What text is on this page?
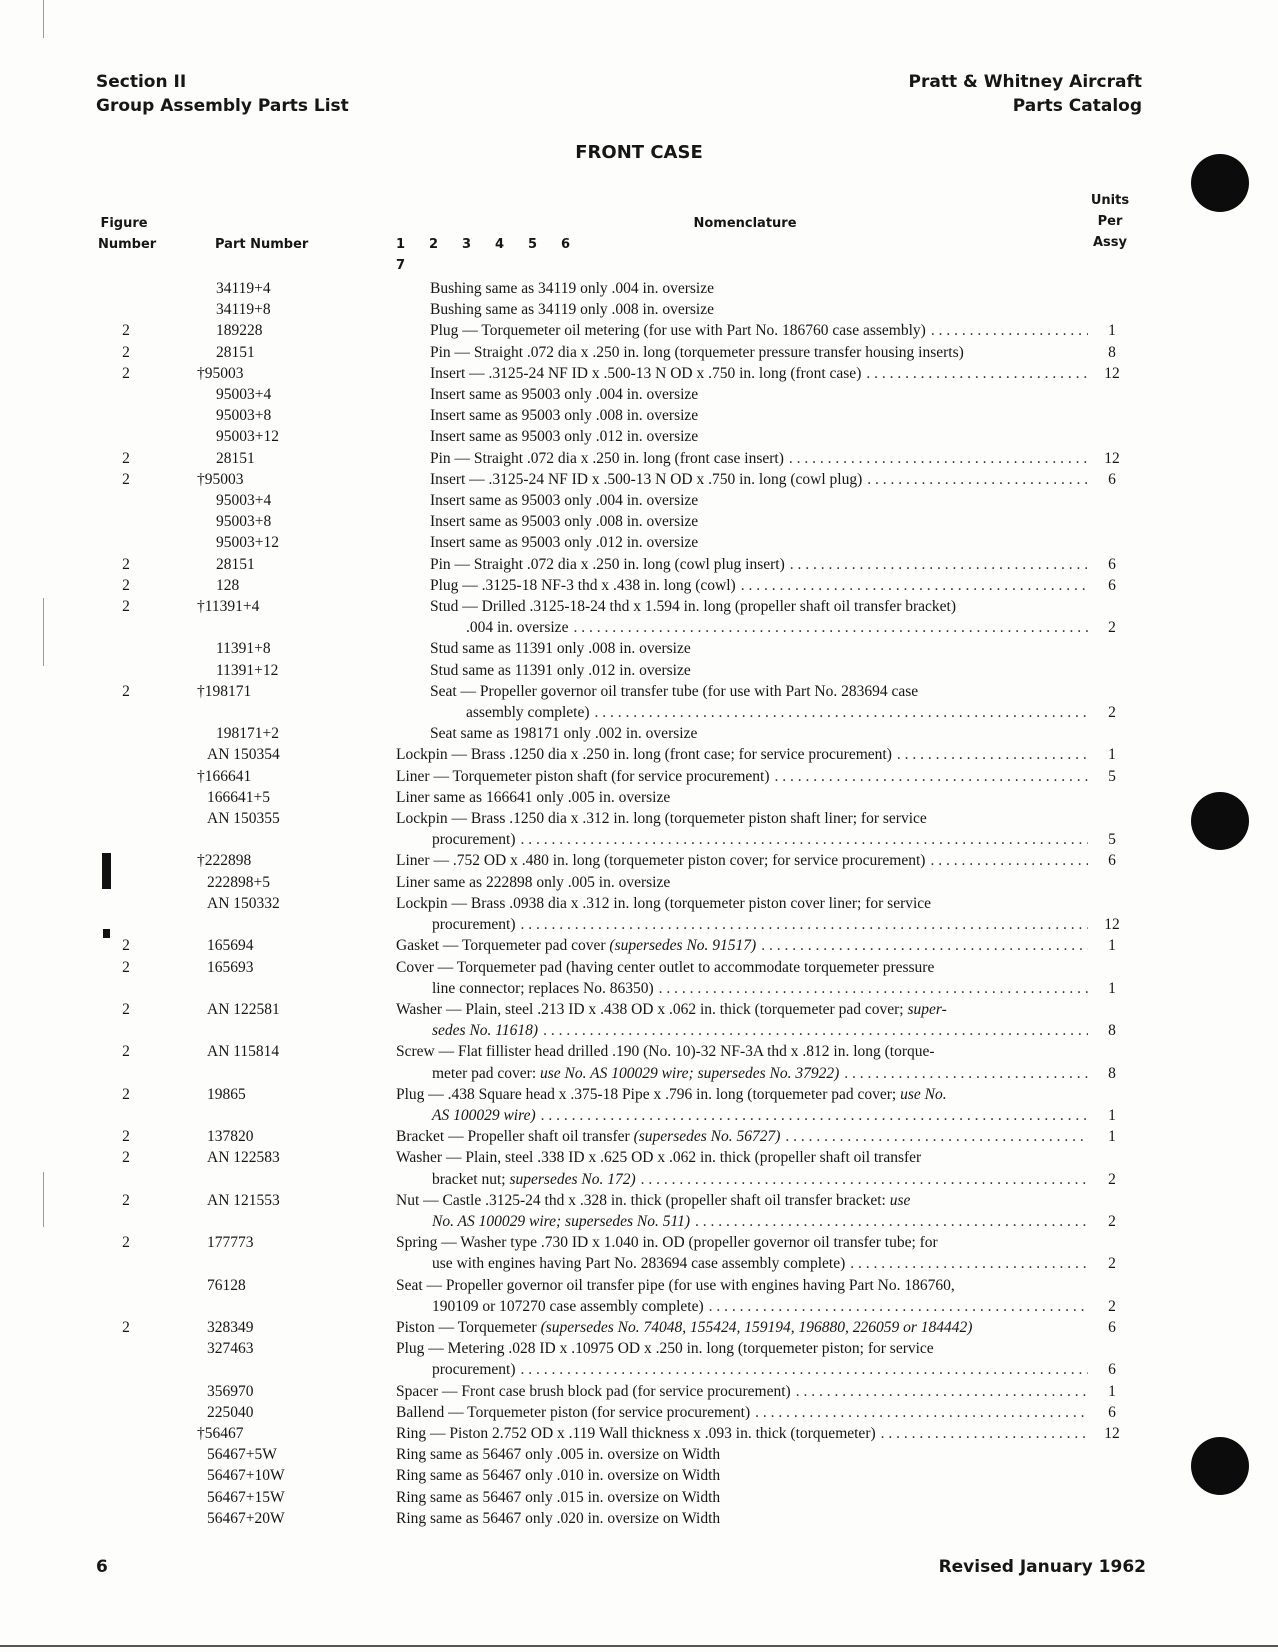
Section II
Group Assembly Parts List
Pratt & Whitney Aircraft
Parts Catalog
FRONT CASE
Figure
Number	Part Number
Nomenclature
1 2 3 4 5 67
Units
Per
Assy
34119+4	Bushing same as 34119 only .004 in. oversize
34119+8	Bushing same as 34119 only .008 in. oversize
2	189228	Plug — Torquemeter oil metering (for use with Part No. 186760 case assembly) . . .	1
2	28151	Pin — Straight .072 dia x .250 in. long (torquemeter pressure transfer housing inserts)	8
2	†95003	Insert — .3125-24 NF ID x .500-13 N OD x .750 in. long (front case) . . .	12
95003+4	Insert same as 95003 only .004 in. oversize
95003+8	Insert same as 95003 only .008 in. oversize
95003+12	Insert same as 95003 only .012 in. oversize
2	28151	Pin — Straight .072 dia x .250 in. long (front case insert) . . .	12
2	†95003	Insert — .3125-24 NF ID x .500-13 N OD x .750 in. long (cowl plug) . . .	6
95003+4	Insert same as 95003 only .004 in. oversize
95003+8	Insert same as 95003 only .008 in. oversize
95003+12	Insert same as 95003 only .012 in. oversize
2	28151	Pin — Straight .072 dia x .250 in. long (cowl plug insert) . . .	6
2	128	Plug — .3125-18 NF-3 thd x .438 in. long (cowl) . . .	6
2	†11391+4	Stud — Drilled .3125-18-24 thd x 1.594 in. long (propeller shaft oil transfer bracket)
.004 in. oversize . . .	2
11391+8	Stud same as 11391 only .008 in. oversize
11391+12	Stud same as 11391 only .012 in. oversize
2	†198171	Seat — Propeller governor oil transfer tube (for use with Part No. 283694 case
assembly complete) . . .	2
198171+2	Seat same as 198171 only .002 in. oversize
AN 150354	Lockpin — Brass .1250 dia x .250 in. long (front case; for service procurement) . . .	1
†166641	Liner — Torquemeter piston shaft (for service procurement) . . .	5
166641+5	Liner same as 166641 only .005 in. oversize
AN 150355	Lockpin — Brass .1250 dia x .312 in. long (torquemeter piston shaft liner; for service
procurement) . . .	5
†222898	Liner — .752 OD x .480 in. long (torquemeter piston cover; for service procurement) . . .	6
222898+5	Liner same as 222898 only .005 in. oversize
AN 150332	Lockpin — Brass .0938 dia x .312 in. long (torquemeter piston cover liner; for service
procurement) . . .	12
2	165694	Gasket — Torquemeter pad cover (supersedes No. 91517) . . .	1
2	165693	Cover — Torquemeter pad (having center outlet to accommodate torquemeter pressure
line connector; replaces No. 86350) . . .	1
2	AN 122581	Washer — Plain, steel .213 ID x .438 OD x .062 in. thick (torquemeter pad cover; super-
sedes No. 11618) . . .	8
2	AN 115814	Screw — Flat fillister head drilled .190 (No. 10)-32 NF-3A thd x .812 in. long (torque-
meter pad cover: use No. AS 100029 wire; supersedes No. 37922) . . .	8
2	19865	Plug — .438 Square head x .375-18 Pipe x .796 in. long (torquemeter pad cover; use No.
AS 100029 wire) . . .	1
2	137820	Bracket — Propeller shaft oil transfer (supersedes No. 56727) . . .	1
2	AN 122583	Washer — Plain, steel .338 ID x .625 OD x .062 in. thick (propeller shaft oil transfer
bracket nut; supersedes No. 172) . . .	2
2	AN 121553	Nut — Castle .3125-24 thd x .328 in. thick (propeller shaft oil transfer bracket: use
No. AS 100029 wire; supersedes No. 511) . . .	2
2	177773	Spring — Washer type .730 ID x 1.040 in. OD (propeller governor oil transfer tube; for
use with engines having Part No. 283694 case assembly complete) . . .	2
76128	Seat — Propeller governor oil transfer pipe (for use with engines having Part No. 186760,
190109 or 107270 case assembly complete) . . .	2
2	328349	Piston — Torquemeter (supersedes No. 74048, 155424, 159194, 196880, 226059 or 184442)	6
327463	Plug — Metering .028 ID x .10975 OD x .250 in. long (torquemeter piston; for service
procurement) . . .	6
356970	Spacer — Front case brush block pad (for service procurement) . . .	1
225040	Ballend — Torquemeter piston (for service procurement) . . .	6
†56467	Ring — Piston 2.752 OD x .119 Wall thickness x .093 in. thick (torquemeter) . . .	12
56467+5W	Ring same as 56467 only .005 in. oversize on Width
56467+10W	Ring same as 56467 only .010 in. oversize on Width
56467+15W	Ring same as 56467 only .015 in. oversize on Width
56467+20W	Ring same as 56467 only .020 in. oversize on Width
6	Revised January 1962
